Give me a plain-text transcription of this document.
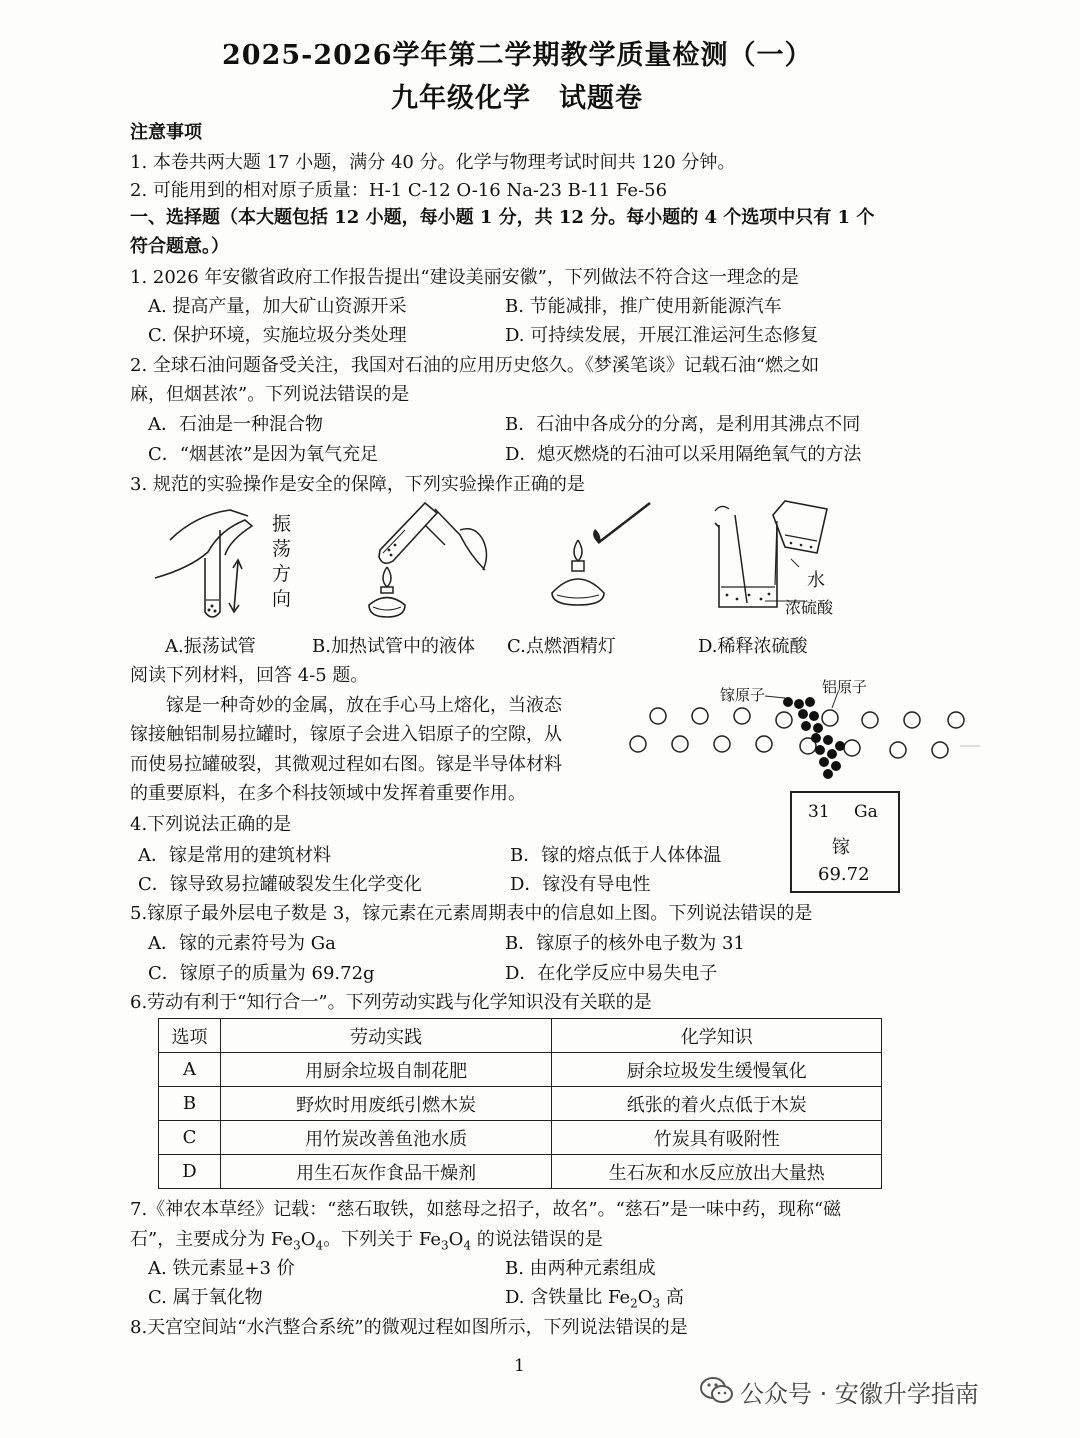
2025-2026学年第二学期教学质量检测（一）
九年级化学　试题卷
注意事项
1. 本卷共两大题 17 小题，满分 40 分。化学与物理考试时间共 120 分钟。
2. 可能用到的相对原子质量：H-1 C-12 O-16 Na-23 B-11 Fe-56
一、选择题（本大题包括 12 小题，每小题 1 分，共 12 分。每小题的 4 个选项中只有 1 个
符合题意。）
1. 2026 年安徽省政府工作报告提出“建设美丽安徽”，下列做法不符合这一理念的是
A. 提高产量，加大矿山资源开采	B. 节能减排，推广使用新能源汽车
C. 保护环境，实施垃圾分类处理	D. 可持续发展，开展江淮运河生态修复
2. 全球石油问题备受关注，我国对石油的应用历史悠久。《梦溪笔谈》记载石油“燃之如
麻，但烟甚浓”。下列说法错误的是
A．石油是一种混合物	B．石油中各成分的分离，是利用其沸点不同
C．“烟甚浓”是因为氧气充足	D．熄灭燃烧的石油可以采用隔绝氧气的方法
3. 规范的实验操作是安全的保障，下列实验操作正确的是
振
荡
方
向
水
浓硫酸
A.振荡试管	B.加热试管中的液体 C.点燃酒精灯	D.稀释浓硫酸
阅读下列材料，回答 4-5 题。
镓是一种奇妙的金属，放在手心马上熔化，当液态
镓接触铝制易拉罐时，镓原子会进入铝原子的空隙，从
而使易拉罐破裂，其微观过程如右图。镓是半导体材料
的重要原料，在多个科技领域中发挥着重要作用。
镓原子	铝原子
31 Ga
镓
69.72
4.下列说法正确的是
A．镓是常用的建筑材料	B．镓的熔点低于人体体温
C．镓导致易拉罐破裂发生化学变化	D．镓没有导电性
5.镓原子最外层电子数是 3，镓元素在元素周期表中的信息如上图。下列说法错误的是
A．镓的元素符号为 Ga	B．镓原子的核外电子数为 31
C．镓原子的质量为 69.72g	D．在化学反应中易失电子
6.劳动有利于“知行合一”。下列劳动实践与化学知识没有关联的是
选项	劳动实践	化学知识
A	用厨余垃圾自制花肥	厨余垃圾发生缓慢氧化
B	野炊时用废纸引燃木炭	纸张的着火点低于木炭
C	用竹炭改善鱼池水质	竹炭具有吸附性
D	用生石灰作食品干燥剂	生石灰和水反应放出大量热
7.《神农本草经》记载：“慈石取铁，如慈母之招子，故名”。“慈石”是一味中药，现称“磁
石”，主要成分为 $Fe_3O_4$。下列关于 $Fe_3O_4$ 的说法错误的是
A. 铁元素显+3 价	B. 由两种元素组成
C. 属于氧化物	D. 含铁量比 $Fe_2O_3$ 高
8.天宫空间站“水汽整合系统”的微观过程如图所示，下列说法错误的是
1
公众号 · 安徽升学指南
